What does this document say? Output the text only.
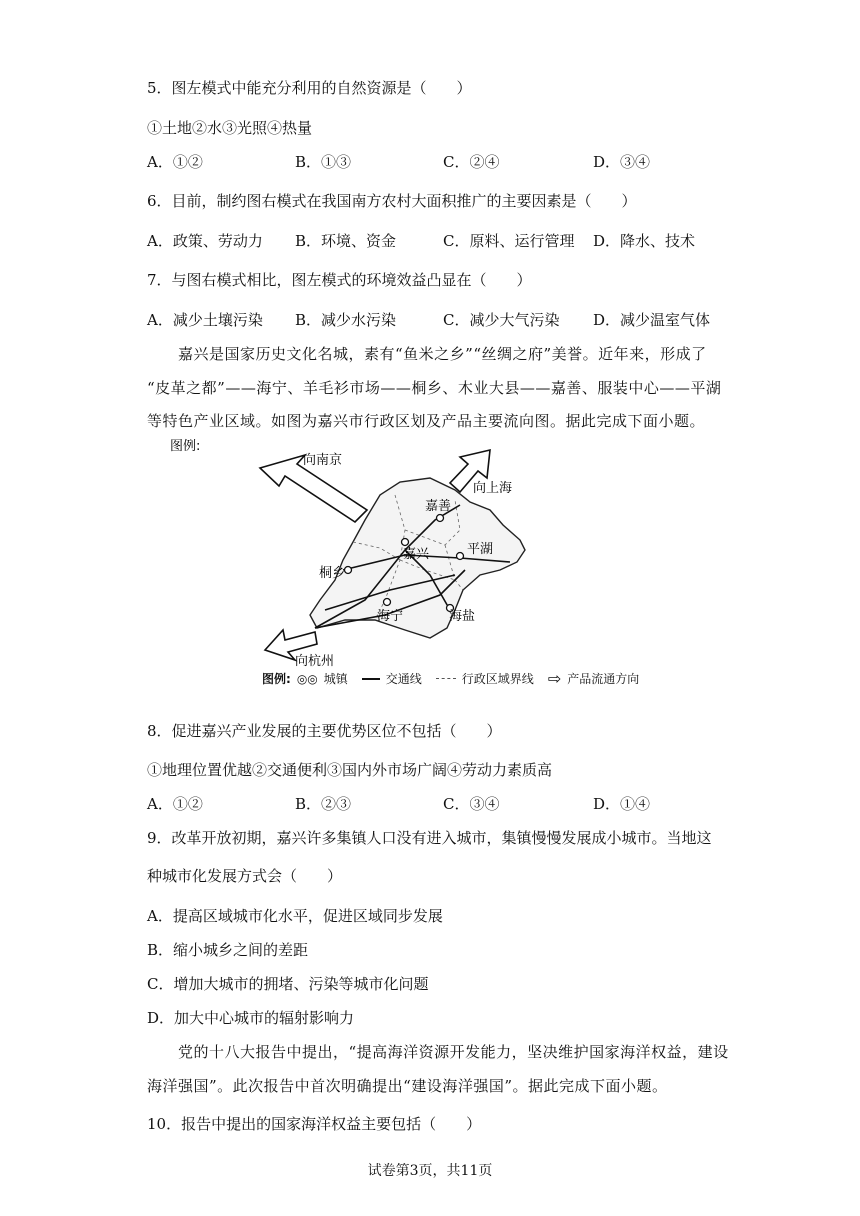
5．图左模式中能充分利用的自然资源是（　　）
①土地②水③光照④热量
A．①②	B．①③	C．②④	D．③④
6．目前，制约图右模式在我国南方农村大面积推广的主要因素是（　　）
A．政策、劳动力 B．环境、资金	C．原料、运行管理 D．降水、技术
7．与图右模式相比，图左模式的环境效益凸显在（　　）
A．减少土壤污染 B．减少水污染	C．减少大气污染 D．减少温室气体
　　嘉兴是国家历史文化名城，素有“鱼米之乡”“丝绸之府”美誉。近年来，形成了
“皮革之都”——海宁、羊毛衫市场——桐乡、木业大县——嘉善、服装中心——平湖
等特色产业区域。如图为嘉兴市行政区划及产品主要流向图。据此完成下面小题。
嘉善
嘉兴	平湖
桐乡
海宁	海盐
向南京
向上海
向杭州
图例:
图例: ◎◎ 城镇	交通线	行政区域界线 ⇨ 产品流通方向
8．促进嘉兴产业发展的主要优势区位不包括（　　）
①地理位置优越②交通便利③国内外市场广阔④劳动力素质高
A．①②	B．②③	C．③④	D．①④
9．改革开放初期，嘉兴许多集镇人口没有进入城市，集镇慢慢发展成小城市。当地这
种城市化发展方式会（　　）
A．提高区域城市化水平，促进区域同步发展
B．缩小城乡之间的差距
C．增加大城市的拥堵、污染等城市化问题
D．加大中心城市的辐射影响力
　　党的十八大报告中提出，“提高海洋资源开发能力，坚决维护国家海洋权益，建设
海洋强国”。此次报告中首次明确提出“建设海洋强国”。据此完成下面小题。
10．报告中提出的国家海洋权益主要包括（　　）
试卷第3页，共11页
